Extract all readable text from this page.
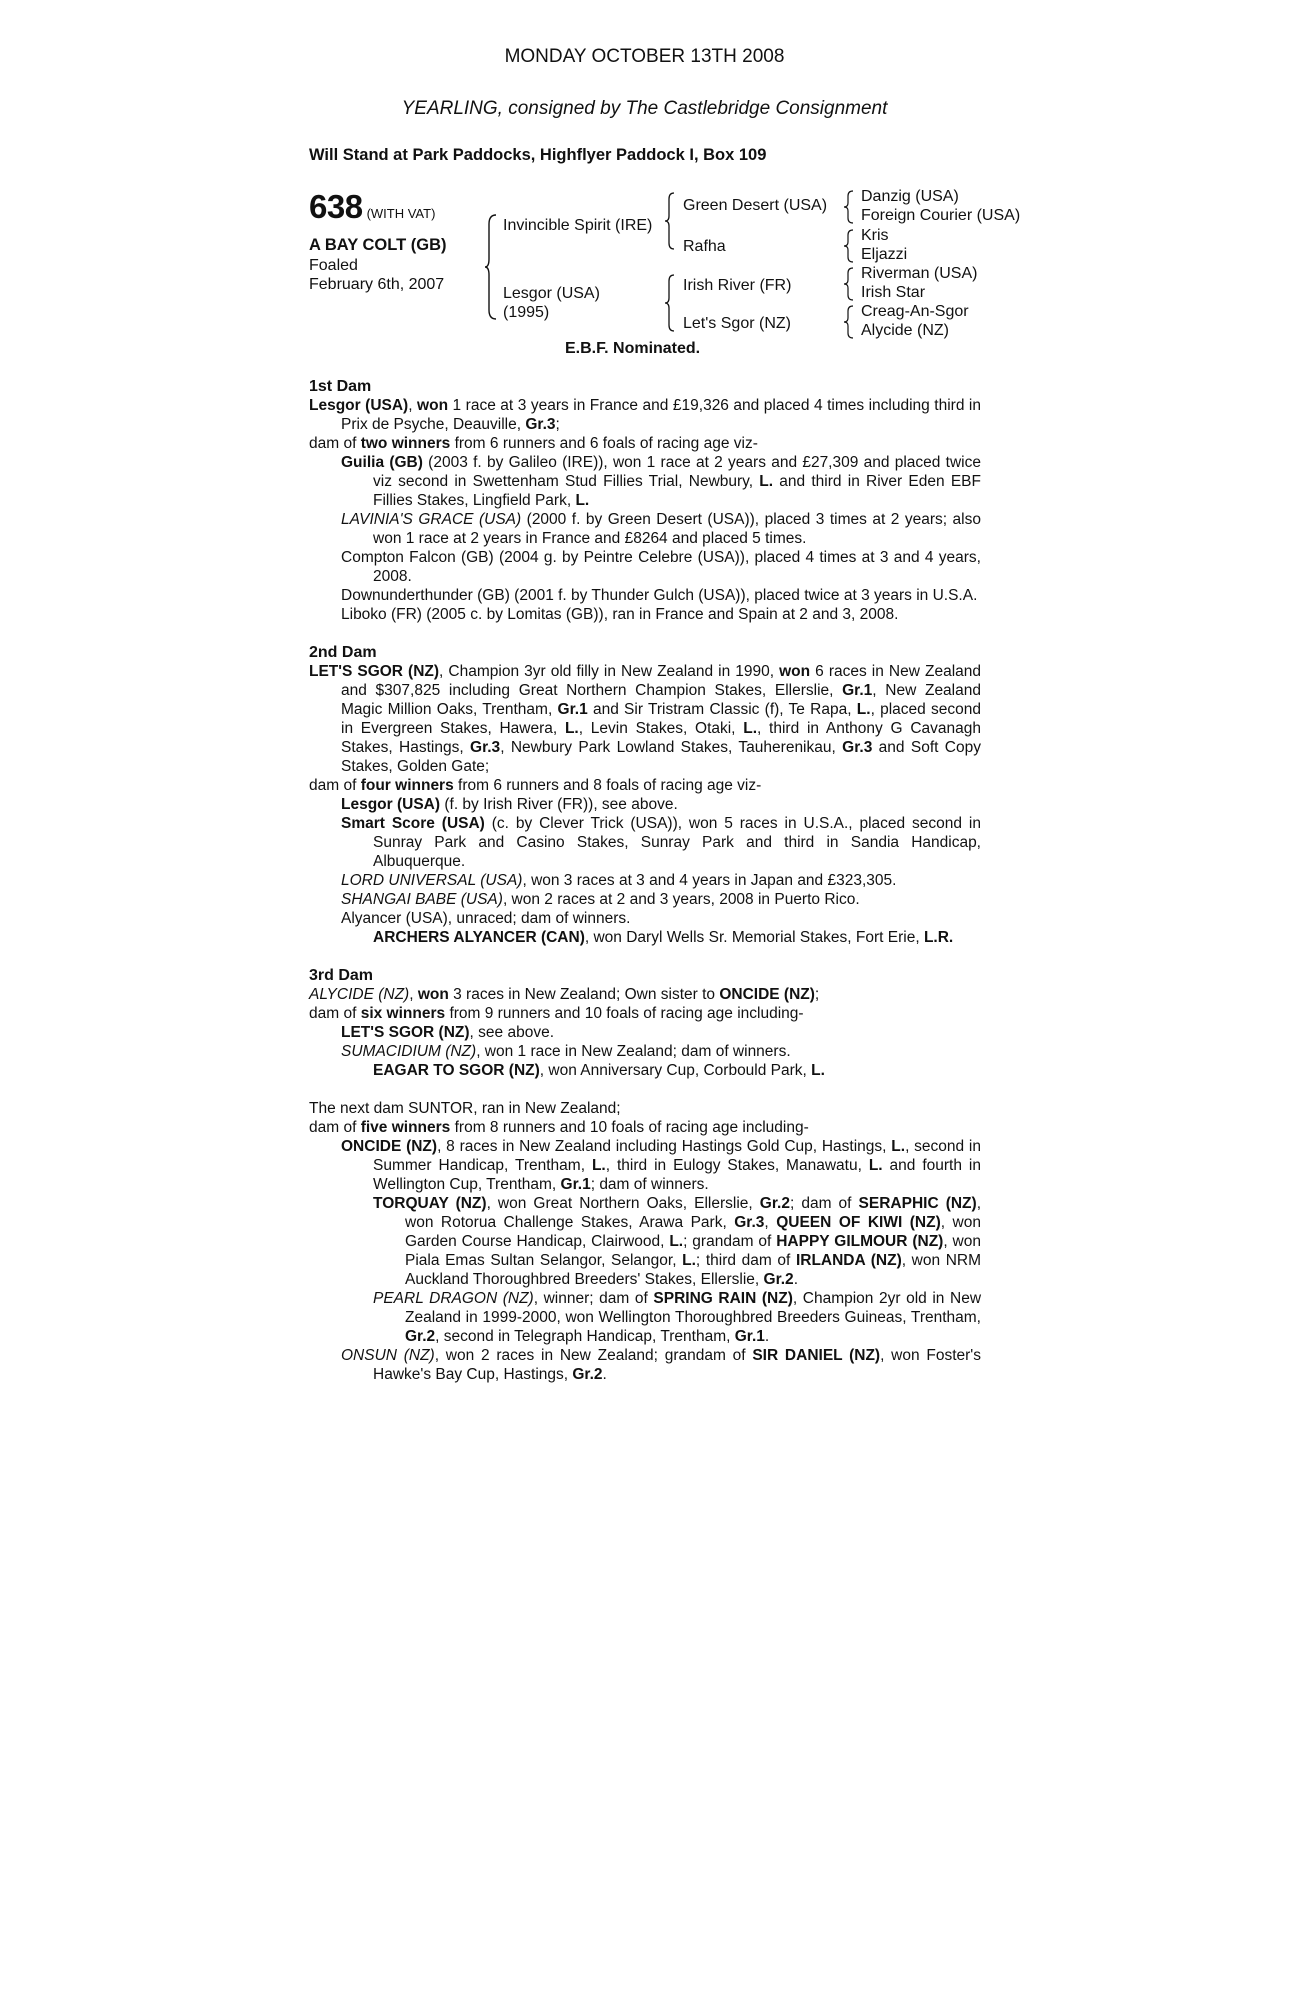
MONDAY OCTOBER 13TH 2008
YEARLING, consigned by The Castlebridge Consignment
Will Stand at Park Paddocks, Highflyer Paddock I, Box 109
638 (WITH VAT)
A BAY COLT (GB)
Foaled
February 6th, 2007
Invincible Spirit (IRE)
Lesgor (USA)
(1995)
Green Desert (USA)
Rafha
Irish River (FR)
Let's Sgor (NZ)
Danzig (USA)
Foreign Courier (USA)
Kris
Eljazzi
Riverman (USA)
Irish Star
Creag-An-Sgor
Alycide (NZ)
E.B.F. Nominated.

1st Dam

Lesgor (USA), won 1 race at 3 years in France and £19,326 and placed 4 times including third in Prix de Psyche, Deauville, Gr.3;

dam of two winners from 6 runners and 6 foals of racing age viz-

Guilia (GB) (2003 f. by Galileo (IRE)), won 1 race at 2 years and £27,309 and placed twice viz second in Swettenham Stud Fillies Trial, Newbury, L. and third in River Eden EBF Fillies Stakes, Lingfield Park, L.

LAVINIA'S GRACE (USA) (2000 f. by Green Desert (USA)), placed 3 times at 2 years; also won 1 race at 2 years in France and £8264 and placed 5 times.

Compton Falcon (GB) (2004 g. by Peintre Celebre (USA)), placed 4 times at 3 and 4 years, 2008.

Downunderthunder (GB) (2001 f. by Thunder Gulch (USA)), placed twice at 3 years in U.S.A.

Liboko (FR) (2005 c. by Lomitas (GB)), ran in France and Spain at 2 and 3, 2008.

2nd Dam

LET'S SGOR (NZ), Champion 3yr old filly in New Zealand in 1990, won 6 races in New Zealand and $307,825 including Great Northern Champion Stakes, Ellerslie, Gr.1, New Zealand Magic Million Oaks, Trentham, Gr.1 and Sir Tristram Classic (f), Te Rapa, L., placed second in Evergreen Stakes, Hawera, L., Levin Stakes, Otaki, L., third in Anthony G Cavanagh Stakes, Hastings, Gr.3, Newbury Park Lowland Stakes, Tauherenikau, Gr.3 and Soft Copy Stakes, Golden Gate;

dam of four winners from 6 runners and 8 foals of racing age viz-

Lesgor (USA) (f. by Irish River (FR)), see above.

Smart Score (USA) (c. by Clever Trick (USA)), won 5 races in U.S.A., placed second in Sunray Park and Casino Stakes, Sunray Park and third in Sandia Handicap, Albuquerque.

LORD UNIVERSAL (USA), won 3 races at 3 and 4 years in Japan and £323,305.

SHANGAI BABE (USA), won 2 races at 2 and 3 years, 2008 in Puerto Rico.

Alyancer (USA), unraced; dam of winners.

ARCHERS ALYANCER (CAN), won Daryl Wells Sr. Memorial Stakes, Fort Erie, L.R.

3rd Dam

ALYCIDE (NZ), won 3 races in New Zealand; Own sister to ONCIDE (NZ);

dam of six winners from 9 runners and 10 foals of racing age including-

LET'S SGOR (NZ), see above.

SUMACIDIUM (NZ), won 1 race in New Zealand; dam of winners.

EAGAR TO SGOR (NZ), won Anniversary Cup, Corbould Park, L.

The next dam SUNTOR, ran in New Zealand;

dam of five winners from 8 runners and 10 foals of racing age including-

ONCIDE (NZ), 8 races in New Zealand including Hastings Gold Cup, Hastings, L., second in Summer Handicap, Trentham, L., third in Eulogy Stakes, Manawatu, L. and fourth in Wellington Cup, Trentham, Gr.1; dam of winners.

TORQUAY (NZ), won Great Northern Oaks, Ellerslie, Gr.2; dam of SERAPHIC (NZ), won Rotorua Challenge Stakes, Arawa Park, Gr.3, QUEEN OF KIWI (NZ), won Garden Course Handicap, Clairwood, L.; grandam of HAPPY GILMOUR (NZ), won Piala Emas Sultan Selangor, Selangor, L.; third dam of IRLANDA (NZ), won NRM Auckland Thoroughbred Breeders' Stakes, Ellerslie, Gr.2.

PEARL DRAGON (NZ), winner; dam of SPRING RAIN (NZ), Champion 2yr old in New Zealand in 1999-2000, won Wellington Thoroughbred Breeders Guineas, Trentham, Gr.2, second in Telegraph Handicap, Trentham, Gr.1.

ONSUN (NZ), won 2 races in New Zealand; grandam of SIR DANIEL (NZ), won Foster's Hawke's Bay Cup, Hastings, Gr.2.
